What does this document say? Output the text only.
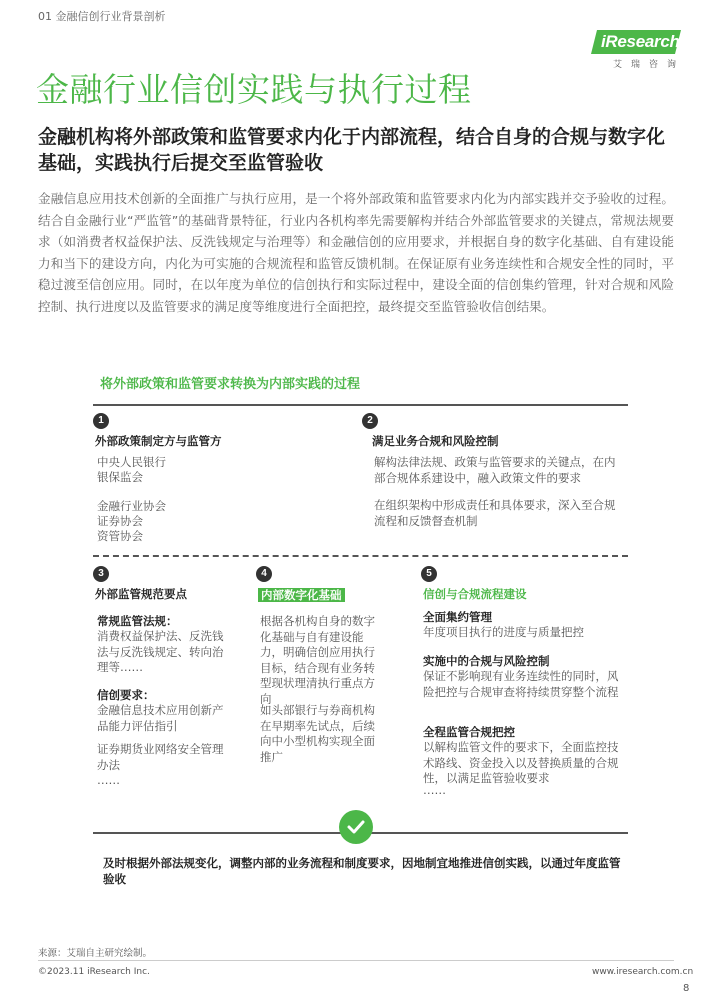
01 金融信创行业背景剖析
iResearch
艾瑞咨询
金融行业信创实践与执行过程
金融机构将外部政策和监管要求内化于内部流程，结合自身的合规与数字化基础，实践执行后提交至监管验收
金融信息应用技术创新的全面推广与执行应用，是一个将外部政策和监管要求内化为内部实践并交予验收的过程。结合自金融行业“严监管”的基础背景特征，行业内各机构率先需要解构并结合外部监管要求的关键点，常规法规要求（如消费者权益保护法、反洗钱规定与治理等）和金融信创的应用要求，并根据自身的数字化基础、自有建设能力和当下的建设方向，内化为可实施的合规流程和监管反馈机制。在保证原有业务连续性和合规安全性的同时，平稳过渡至信创应用。同时，在以年度为单位的信创执行和实际过程中，建设全面的信创集约管理，针对合规和风险控制、执行进度以及监管要求的满足度等维度进行全面把控，最终提交至监管验收信创结果。
将外部政策和监管要求转换为内部实践的过程
1
外部政策制定方与监管方
中央人民银行
银保监会
金融行业协会
证券协会
资管协会
2
满足业务合规和风险控制
解构法律法规、政策与监管要求的关键点，在内部合规体系建设中，融入政策文件的要求
在组织架构中形成责任和具体要求，深入至合规流程和反馈督查机制
3
外部监管规范要点
常规监管法规：
消费权益保护法、反洗钱法与反洗钱规定、转向治理等……
信创要求：
金融信息技术应用创新产品能力评估指引
证券期货业网络安全管理办法
……
4
内部数字化基础
根据各机构自身的数字化基础与自有建设能力，明确信创应用执行目标，结合现有业务转型现状理清执行重点方向
如头部银行与券商机构在早期率先试点，后续向中小型机构实现全面推广
5
信创与合规流程建设
全面集约管理
年度项目执行的进度与质量把控
实施中的合规与风险控制
保证不影响现有业务连续性的同时，风险把控与合规审查将持续贯穿整个流程
全程监管合规把控
以解构监管文件的要求下，全面监控技术路线、资金投入以及替换质量的合规性，以满足监管验收要求
……
及时根据外部法规变化，调整内部的业务流程和制度要求，因地制宜地推进信创实践，以通过年度监管验收
来源：艾瑞自主研究绘制。
©2023.11 iResearch Inc.	www.iresearch.com.cn
8
